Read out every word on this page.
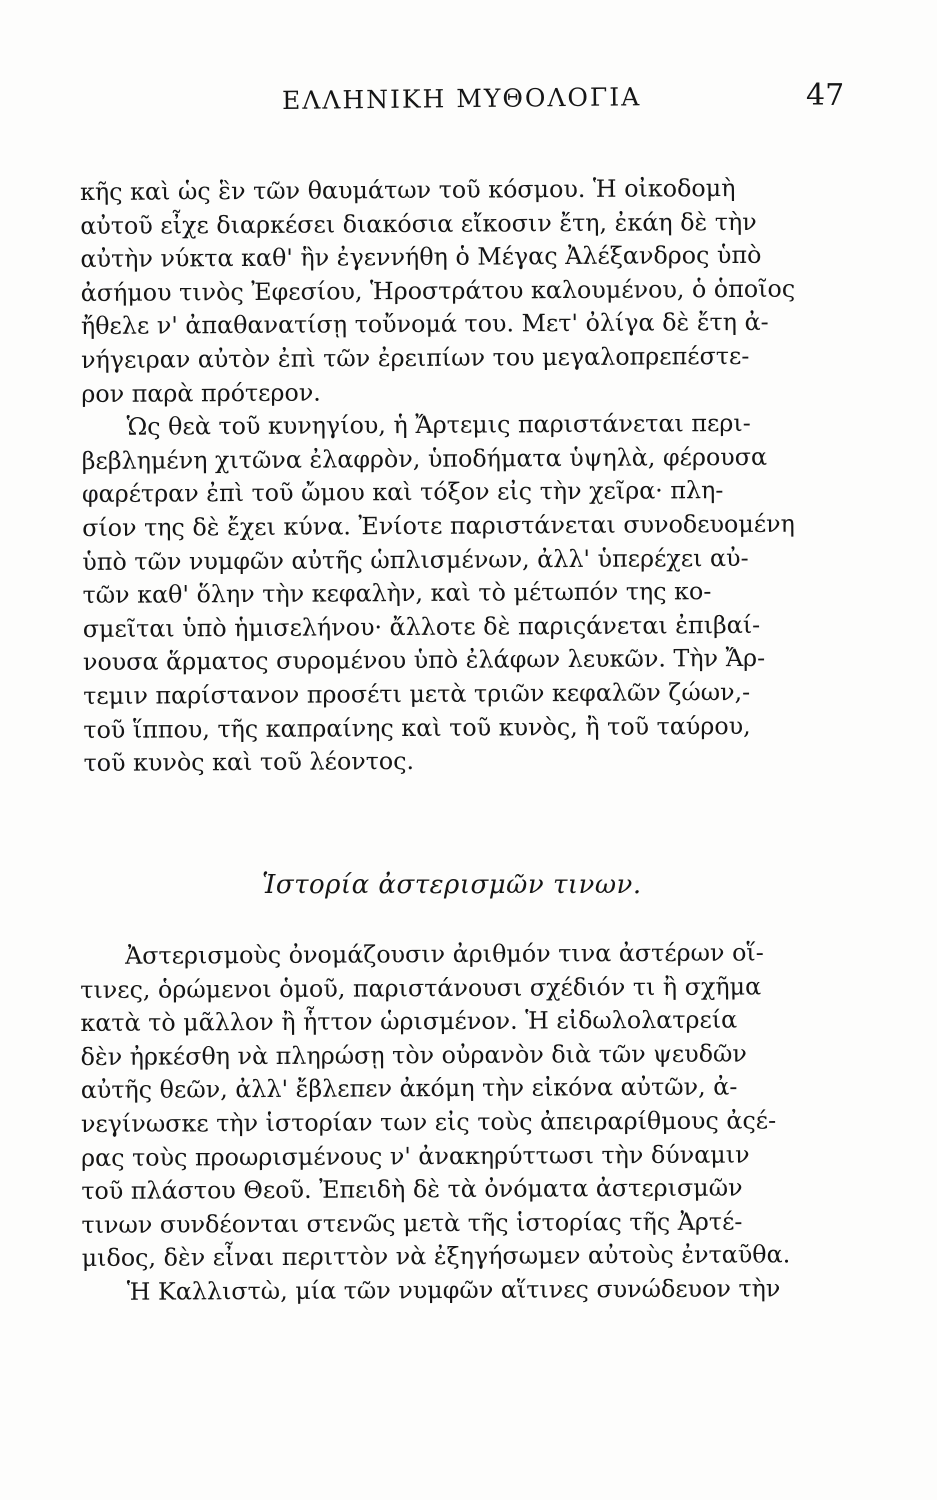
ΕΛΛΗΝΙΚΗ ΜΥΘΟΛΟΓΙΑ	47
κῆς καὶ ὡς ἓν τῶν θαυμάτων τοῦ κόσμου. Ἡ οἰκοδομὴ
αὐτοῦ εἶχε διαρκέσει διακόσια εἴκοσιν ἔτη, ἐκάη δὲ τὴν
αὐτὴν νύκτα καθ' ἣν ἐγεννήθη ὁ Μέγας Ἀλέξανδρος ὑπὸ
ἀσήμου τινὸς Ἐφεσίου, Ἡροστράτου καλουμένου, ὁ ὁποῖος
ἤθελε ν' ἀπαθανατίσῃ τοὔνομά του. Μετ' ὀλίγα δὲ ἔτη ἀ-
νήγειραν αὐτὸν ἐπὶ τῶν ἐρειπίων του μεγαλοπρεπέστε-
ρον παρὰ πρότερον.
Ὡς θεὰ τοῦ κυνηγίου, ἡ Ἄρτεμις παριστάνεται περι-
βεβλημένη χιτῶνα ἐλαφρὸν, ὑποδήματα ὑψηλὰ, φέρουσα
φαρέτραν ἐπὶ τοῦ ὤμου καὶ τόξον εἰς τὴν χεῖρα· πλη-
σίον της δὲ ἔχει κύνα. Ἐνίοτε παριστάνεται συνοδευομένη
ὑπὸ τῶν νυμφῶν αὐτῆς ὡπλισμένων, ἀλλ' ὑπερέχει αὐ-
τῶν καθ' ὅλην τὴν κεφαλὴν, καὶ τὸ μέτωπόν της κο-
σμεῖται ὑπὸ ἡμισελήνου· ἄλλοτε δὲ παριςάνεται ἐπιβαί-
νουσα ἅρματος συρομένου ὑπὸ ἐλάφων λευκῶν. Τὴν Ἄρ-
τεμιν παρίστανον προσέτι μετὰ τριῶν κεφαλῶν ζώων,-
τοῦ ἵππου, τῆς καπραίνης καὶ τοῦ κυνὸς, ἢ τοῦ ταύρου,
τοῦ κυνὸς καὶ τοῦ λέοντος.
Ἱστορία ἀστερισμῶν τινων.
Ἀστερισμοὺς ὀνομάζουσιν ἀριθμόν τινα ἀστέρων οἵ-
τινες, ὁρώμενοι ὁμοῦ, παριστάνουσι σχέδιόν τι ἢ σχῆμα
κατὰ τὸ μᾶλλον ἢ ἧττον ὡρισμένον. Ἡ εἰδωλολατρεία
δὲν ἠρκέσθη νὰ πληρώσῃ τὸν οὐρανὸν διὰ τῶν ψευδῶν
αὐτῆς θεῶν, ἀλλ' ἔβλεπεν ἀκόμη τὴν εἰκόνα αὐτῶν, ἀ-
νεγίνωσκε τὴν ἱστορίαν των εἰς τοὺς ἀπειραρίθμους ἀςέ-
ρας τοὺς προωρισμένους ν' ἀνακηρύττωσι τὴν δύναμιν
τοῦ πλάστου Θεοῦ. Ἐπειδὴ δὲ τὰ ὀνόματα ἀστερισμῶν
τινων συνδέονται στενῶς μετὰ τῆς ἱστορίας τῆς Ἀρτέ-
μιδος, δὲν εἶναι περιττὸν νὰ ἐξηγήσωμεν αὐτοὺς ἐνταῦθα.
Ἡ Καλλιστὼ, μία τῶν νυμφῶν αἵτινες συνώδευον τὴν
